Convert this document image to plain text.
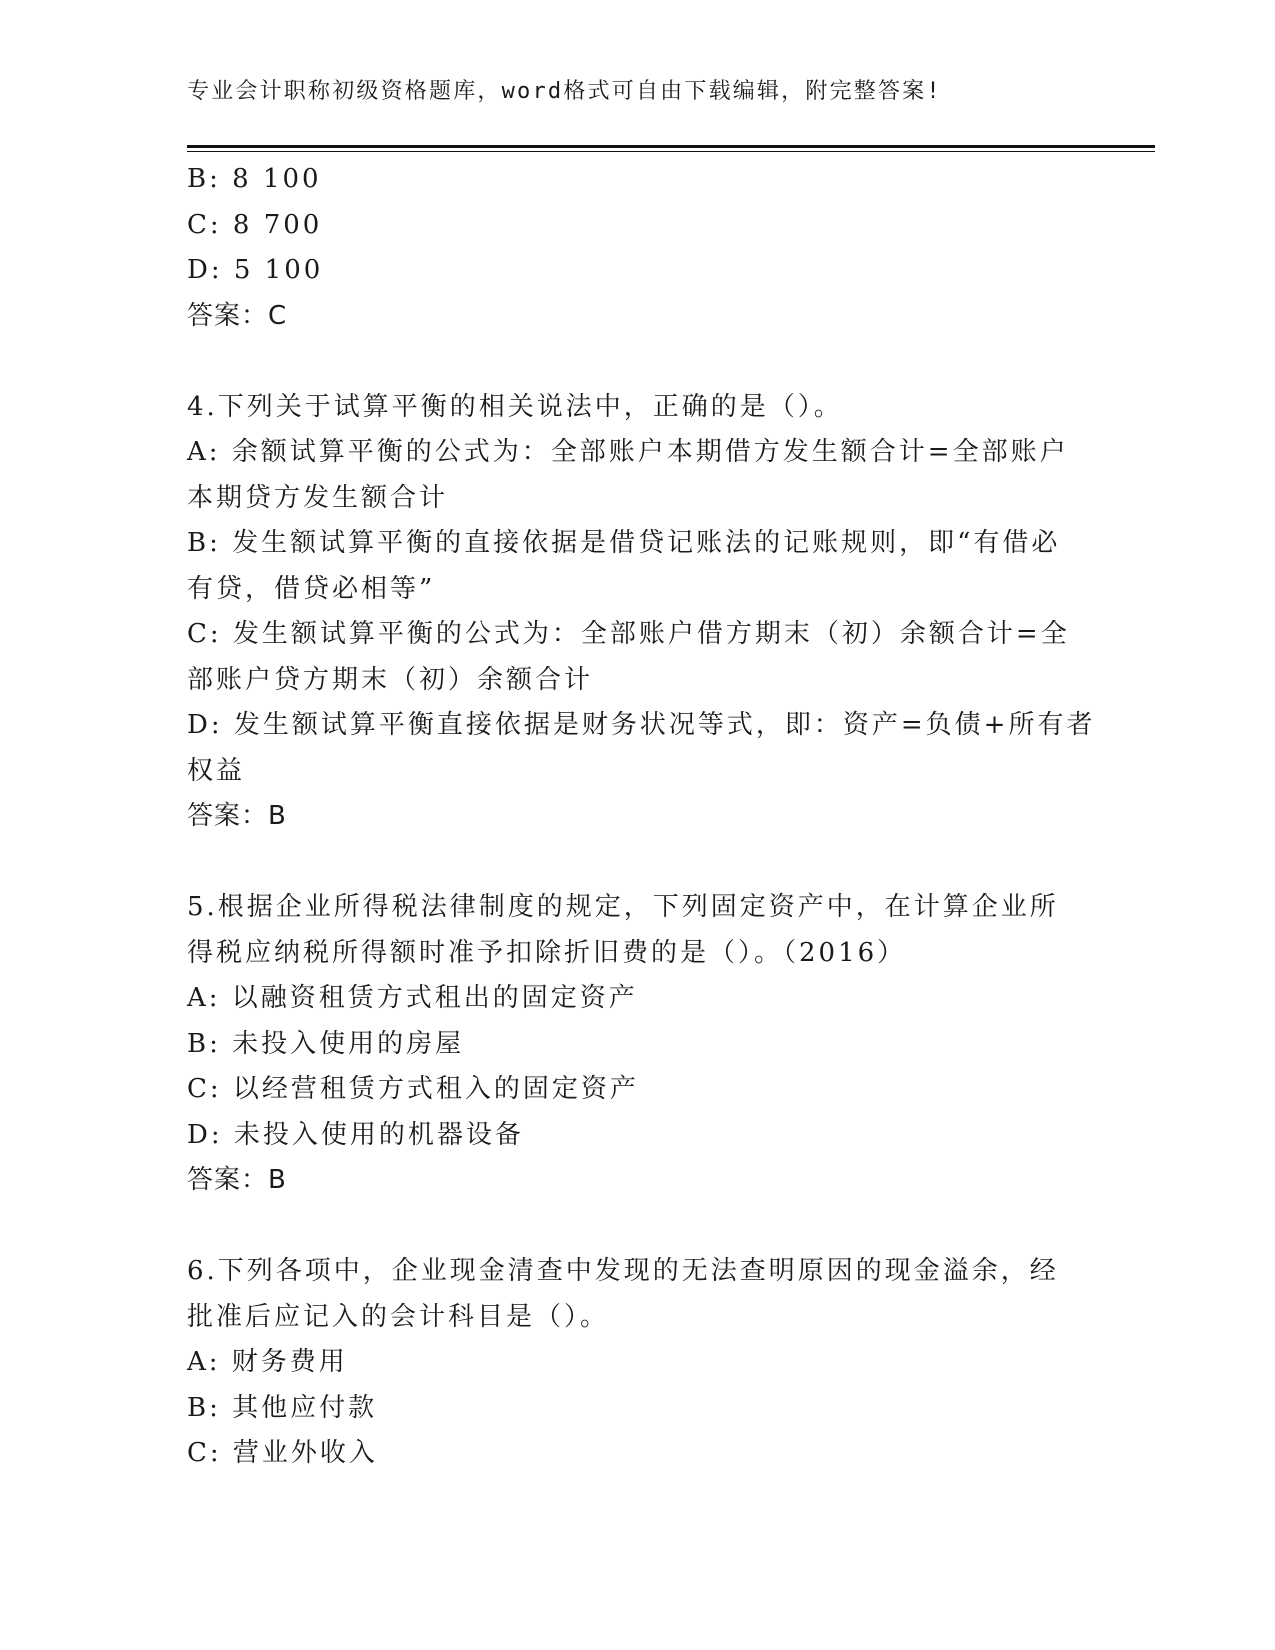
专业会计职称初级资格题库，word格式可自由下载编辑，附完整答案!
B: 8 100
C: 8 700
D: 5 100
答案：C
4.下列关于试算平衡的相关说法中，正确的是（）。
A: 余额试算平衡的公式为：全部账户本期借方发生额合计=全部账户
本期贷方发生额合计
B: 发生额试算平衡的直接依据是借贷记账法的记账规则，即“有借必
有贷，借贷必相等”
C: 发生额试算平衡的公式为：全部账户借方期末（初）余额合计=全
部账户贷方期末（初）余额合计
D: 发生额试算平衡直接依据是财务状况等式，即：资产=负债+所有者
权益
答案：B
5.根据企业所得税法律制度的规定，下列固定资产中，在计算企业所
得税应纳税所得额时准予扣除折旧费的是（）。（2016）
A: 以融资租赁方式租出的固定资产
B: 未投入使用的房屋
C: 以经营租赁方式租入的固定资产
D: 未投入使用的机器设备
答案：B
6.下列各项中，企业现金清查中发现的无法查明原因的现金溢余，经
批准后应记入的会计科目是（）。
A: 财务费用
B: 其他应付款
C: 营业外收入
